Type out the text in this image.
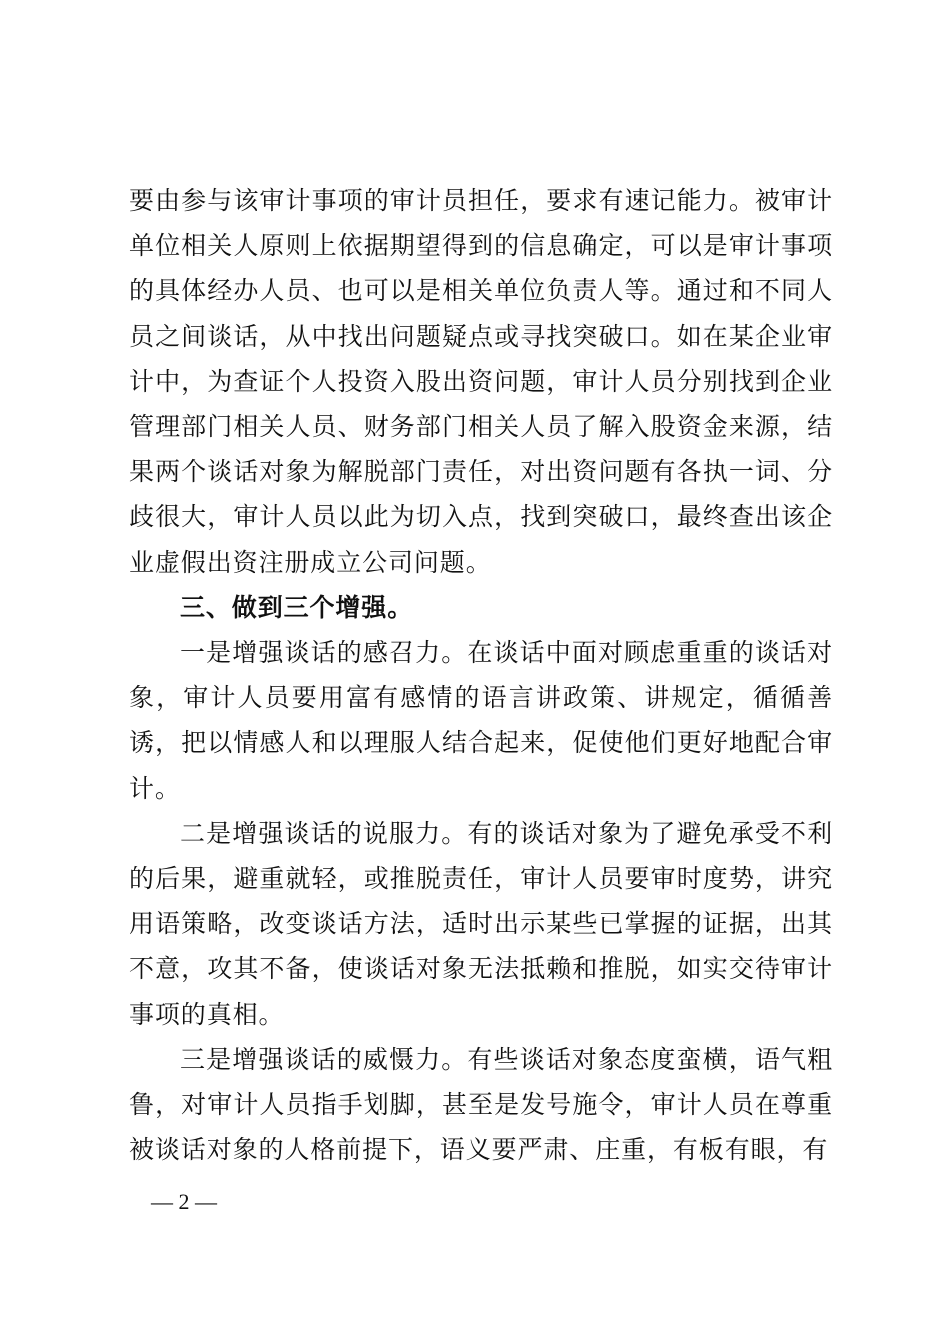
要由参与该审计事项的审计员担任，要求有速记能力。被审计单位相关人原则上依据期望得到的信息确定，可以是审计事项的具体经办人员、也可以是相关单位负责人等。通过和不同人员之间谈话，从中找出问题疑点或寻找突破口。如在某企业审计中，为查证个人投资入股出资问题，审计人员分别找到企业管理部门相关人员、财务部门相关人员了解入股资金来源，结果两个谈话对象为解脱部门责任，对出资问题有各执一词、分歧很大，审计人员以此为切入点，找到突破口，最终查出该企业虚假出资注册成立公司问题。

三、做到三个增强。

一是增强谈话的感召力。在谈话中面对顾虑重重的谈话对象，审计人员要用富有感情的语言讲政策、讲规定，循循善诱，把以情感人和以理服人结合起来，促使他们更好地配合审计。

二是增强谈话的说服力。有的谈话对象为了避免承受不利的后果，避重就轻，或推脱责任，审计人员要审时度势，讲究用语策略，改变谈话方法，适时出示某些已掌握的证据，出其不意，攻其不备，使谈话对象无法抵赖和推脱，如实交待审计事项的真相。

三是增强谈话的威慑力。有些谈话对象态度蛮横，语气粗鲁，对审计人员指手划脚，甚至是发号施令，审计人员在尊重被谈话对象的人格前提下，语义要严肃、庄重，有板有眼，有

— 2 —
